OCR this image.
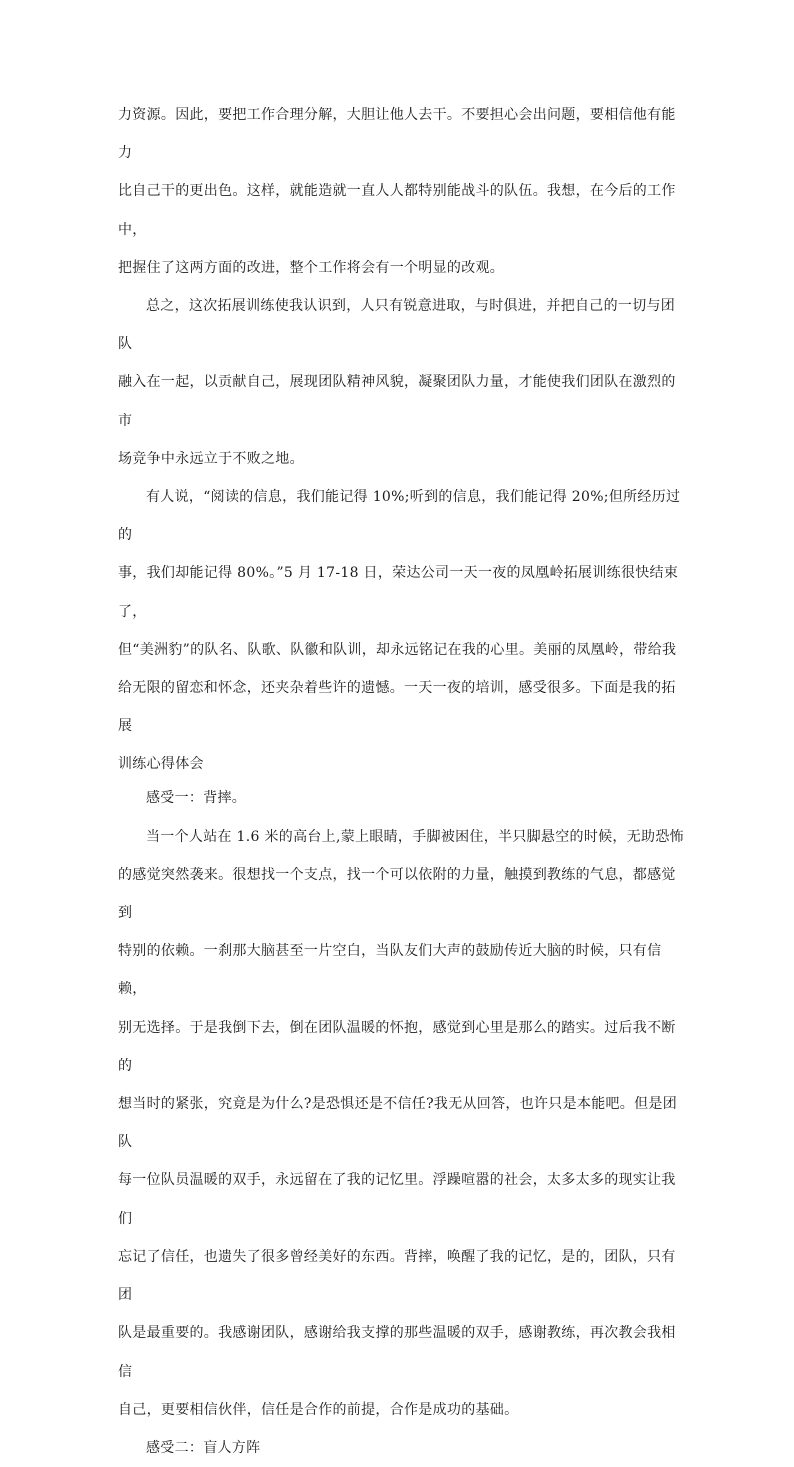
力资源。因此，要把工作合理分解，大胆让他人去干。不要担心会出问题，要相信他有能力
比自己干的更出色。这样，就能造就一直人人都特别能战斗的队伍。我想，在今后的工作中，
把握住了这两方面的改进，整个工作将会有一个明显的改观。

总之，这次拓展训练使我认识到，人只有锐意进取，与时俱进，并把自己的一切与团队
融入在一起，以贡献自己，展现团队精神风貌，凝聚团队力量，才能使我们团队在激烈的市
场竞争中永远立于不败之地。

有人说，“阅读的信息，我们能记得 10%;听到的信息，我们能记得 20%;但所经历过的
事，我们却能记得 80%。”5 月 17-18 日，荣达公司一天一夜的凤凰岭拓展训练很快结束了，
但“美洲豹”的队名、队歌、队徽和队训，却永远铭记在我的心里。美丽的凤凰岭，带给我
给无限的留恋和怀念，还夹杂着些许的遗憾。一天一夜的培训，感受很多。下面是我的拓展

训练心得体会

感受一：背摔。

当一个人站在 1.6 米的高台上,蒙上眼睛，手脚被困住，半只脚悬空的时候，无助恐怖
的感觉突然袭来。很想找一个支点，找一个可以依附的力量，触摸到教练的气息，都感觉到
特别的依赖。一刹那大脑甚至一片空白，当队友们大声的鼓励传近大脑的时候，只有信赖，
别无选择。于是我倒下去，倒在团队温暖的怀抱，感觉到心里是那么的踏实。过后我不断的
想当时的紧张，究竟是为什么?是恐惧还是不信任?我无从回答，也许只是本能吧。但是团队
每一位队员温暖的双手，永远留在了我的记忆里。浮躁喧嚣的社会，太多太多的现实让我们
忘记了信任，也遗失了很多曾经美好的东西。背摔，唤醒了我的记忆，是的，团队，只有团
队是最重要的。我感谢团队，感谢给我支撑的那些温暖的双手，感谢教练，再次教会我相信
自己，更要相信伙伴，信任是合作的前提，合作是成功的基础。

感受二：盲人方阵
